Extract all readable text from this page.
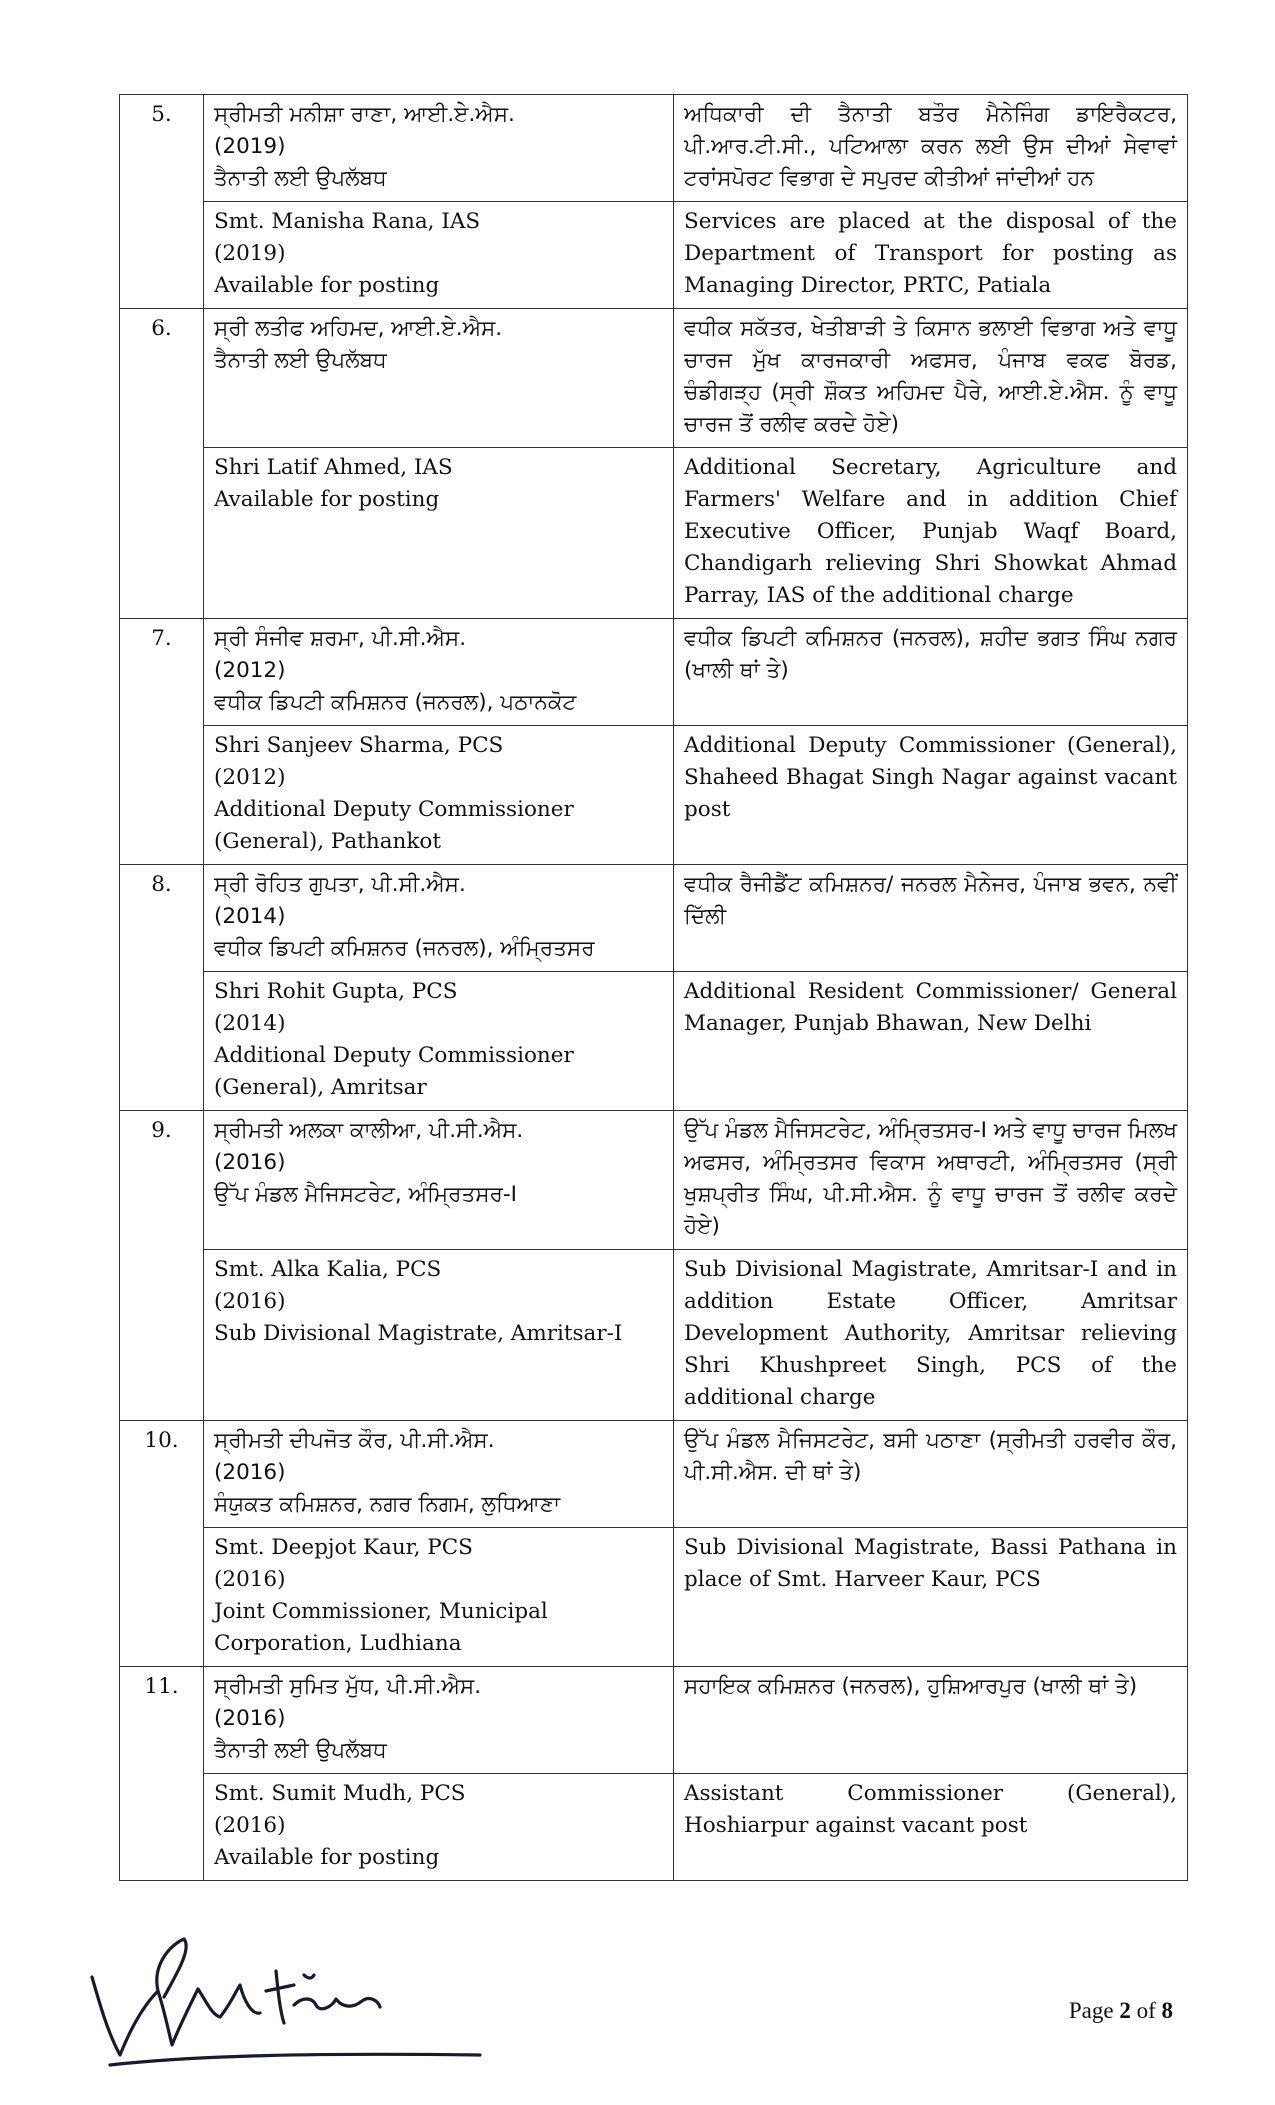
5.	ਸ੍ਰੀਮਤੀ ਮਨੀਸ਼ਾ ਰਾਣਾ, ਆਈ.ਏ.ਐਸ.
(2019)
ਤੈਨਾਤੀ ਲਈ ਉਪਲੱਬਧ	ਅਧਿਕਾਰੀ ਦੀ ਤੈਨਾਤੀ ਬਤੌਰ ਮੈਨੇਜਿੰਗ ਡਾਇਰੈਕਟਰ, ਪੀ.ਆਰ.ਟੀ.ਸੀ., ਪਟਿਆਲਾ ਕਰਨ ਲਈ ਉਸ ਦੀਆਂ ਸੇਵਾਵਾਂ ਟਰਾਂਸਪੋਰਟ ਵਿਭਾਗ ਦੇ ਸਪੁਰਦ ਕੀਤੀਆਂ ਜਾਂਦੀਆਂ ਹਨ

	Smt. Manisha Rana, IAS
(2019)
Available for posting	Services are placed at the disposal of the Department of Transport for posting as Managing Director, PRTC, Patiala
6.	ਸ੍ਰੀ ਲਤੀਫ ਅਹਿਮਦ, ਆਈ.ਏ.ਐਸ.
ਤੈਨਾਤੀ ਲਈ ਉਪਲੱਬਧ	ਵਧੀਕ ਸਕੱਤਰ, ਖੇਤੀਬਾੜੀ ਤੇ ਕਿਸਾਨ ਭਲਾਈ ਵਿਭਾਗ ਅਤੇ ਵਾਧੂ ਚਾਰਜ ਮੁੱਖ ਕਾਰਜਕਾਰੀ ਅਫਸਰ, ਪੰਜਾਬ ਵਕਫ ਬੋਰਡ, ਚੰਡੀਗੜ੍ਹ (ਸ੍ਰੀ ਸ਼ੌਕਤ ਅਹਿਮਦ ਪੈਰੇ, ਆਈ.ਏ.ਐਸ. ਨੂੰ ਵਾਧੂ ਚਾਰਜ ਤੋਂ ਰਲੀਵ ਕਰਦੇ ਹੋਏ)

	Shri Latif Ahmed, IAS
Available for posting	Additional Secretary, Agriculture and Farmers' Welfare and in addition Chief Executive Officer, Punjab Waqf Board, Chandigarh relieving Shri Showkat Ahmad Parray, IAS of the additional charge
7.	ਸ੍ਰੀ ਸੰਜੀਵ ਸ਼ਰਮਾ, ਪੀ.ਸੀ.ਐਸ.
(2012)
ਵਧੀਕ ਡਿਪਟੀ ਕਮਿਸ਼ਨਰ (ਜਨਰਲ), ਪਠਾਨਕੋਟ	ਵਧੀਕ ਡਿਪਟੀ ਕਮਿਸ਼ਨਰ (ਜਨਰਲ), ਸ਼ਹੀਦ ਭਗਤ ਸਿੰਘ ਨਗਰ (ਖਾਲੀ ਥਾਂ ਤੇ)

	Shri Sanjeev Sharma, PCS
(2012)
Additional Deputy Commissioner (General), Pathankot	Additional Deputy Commissioner (General), Shaheed Bhagat Singh Nagar against vacant post
8.	ਸ੍ਰੀ ਰੋਹਿਤ ਗੁਪਤਾ, ਪੀ.ਸੀ.ਐਸ.
(2014)
ਵਧੀਕ ਡਿਪਟੀ ਕਮਿਸ਼ਨਰ (ਜਨਰਲ), ਅੰਮ੍ਰਿਤਸਰ	ਵਧੀਕ ਰੈਜੀਡੈਂਟ ਕਮਿਸ਼ਨਰ/ ਜਨਰਲ ਮੈਨੇਜਰ, ਪੰਜਾਬ ਭਵਨ, ਨਵੀਂ ਦਿੱਲੀ

	Shri Rohit Gupta, PCS
(2014)
Additional Deputy Commissioner (General), Amritsar	Additional Resident Commissioner/ General Manager, Punjab Bhawan, New Delhi
9.	ਸ੍ਰੀਮਤੀ ਅਲਕਾ ਕਾਲੀਆ, ਪੀ.ਸੀ.ਐਸ.
(2016)
ਉੱਪ ਮੰਡਲ ਮੈਜਿਸਟਰੇਟ, ਅੰਮ੍ਰਿਤਸਰ-I	ਉੱਪ ਮੰਡਲ ਮੈਜਿਸਟਰੇਟ, ਅੰਮ੍ਰਿਤਸਰ-I ਅਤੇ ਵਾਧੂ ਚਾਰਜ ਮਿਲਖ ਅਫਸਰ, ਅੰਮ੍ਰਿਤਸਰ ਵਿਕਾਸ ਅਥਾਰਟੀ, ਅੰਮ੍ਰਿਤਸਰ (ਸ੍ਰੀ ਖੁਸ਼ਪ੍ਰੀਤ ਸਿੰਘ, ਪੀ.ਸੀ.ਐਸ. ਨੂੰ ਵਾਧੂ ਚਾਰਜ ਤੋਂ ਰਲੀਵ ਕਰਦੇ ਹੋਏ)

	Smt. Alka Kalia, PCS
(2016)
Sub Divisional Magistrate, Amritsar-I	Sub Divisional Magistrate, Amritsar-I and in addition Estate Officer, Amritsar Development Authority, Amritsar relieving Shri Khushpreet Singh, PCS of the additional charge
10.	ਸ੍ਰੀਮਤੀ ਦੀਪਜੋਤ ਕੌਰ, ਪੀ.ਸੀ.ਐਸ.
(2016)
ਸੰਯੁਕਤ ਕਮਿਸ਼ਨਰ, ਨਗਰ ਨਿਗਮ, ਲੁਧਿਆਣਾ	ਉੱਪ ਮੰਡਲ ਮੈਜਿਸਟਰੇਟ, ਬਸੀ ਪਠਾਣਾ (ਸ੍ਰੀਮਤੀ ਹਰਵੀਰ ਕੌਰ, ਪੀ.ਸੀ.ਐਸ. ਦੀ ਥਾਂ ਤੇ)

	Smt. Deepjot Kaur, PCS
(2016)
Joint Commissioner, Municipal Corporation, Ludhiana	Sub Divisional Magistrate, Bassi Pathana in place of Smt. Harveer Kaur, PCS
11.	ਸ੍ਰੀਮਤੀ ਸੁਮਿਤ ਮੁੱਧ, ਪੀ.ਸੀ.ਐਸ.
(2016)
ਤੈਨਾਤੀ ਲਈ ਉਪਲੱਬਧ	ਸਹਾਇਕ ਕਮਿਸ਼ਨਰ (ਜਨਰਲ), ਹੁਸ਼ਿਆਰਪੁਰ (ਖਾਲੀ ਥਾਂ ਤੇ)

	Smt. Sumit Mudh, PCS
(2016)
Available for posting	Assistant Commissioner (General), Hoshiarpur against vacant post
Page 2 of 8
